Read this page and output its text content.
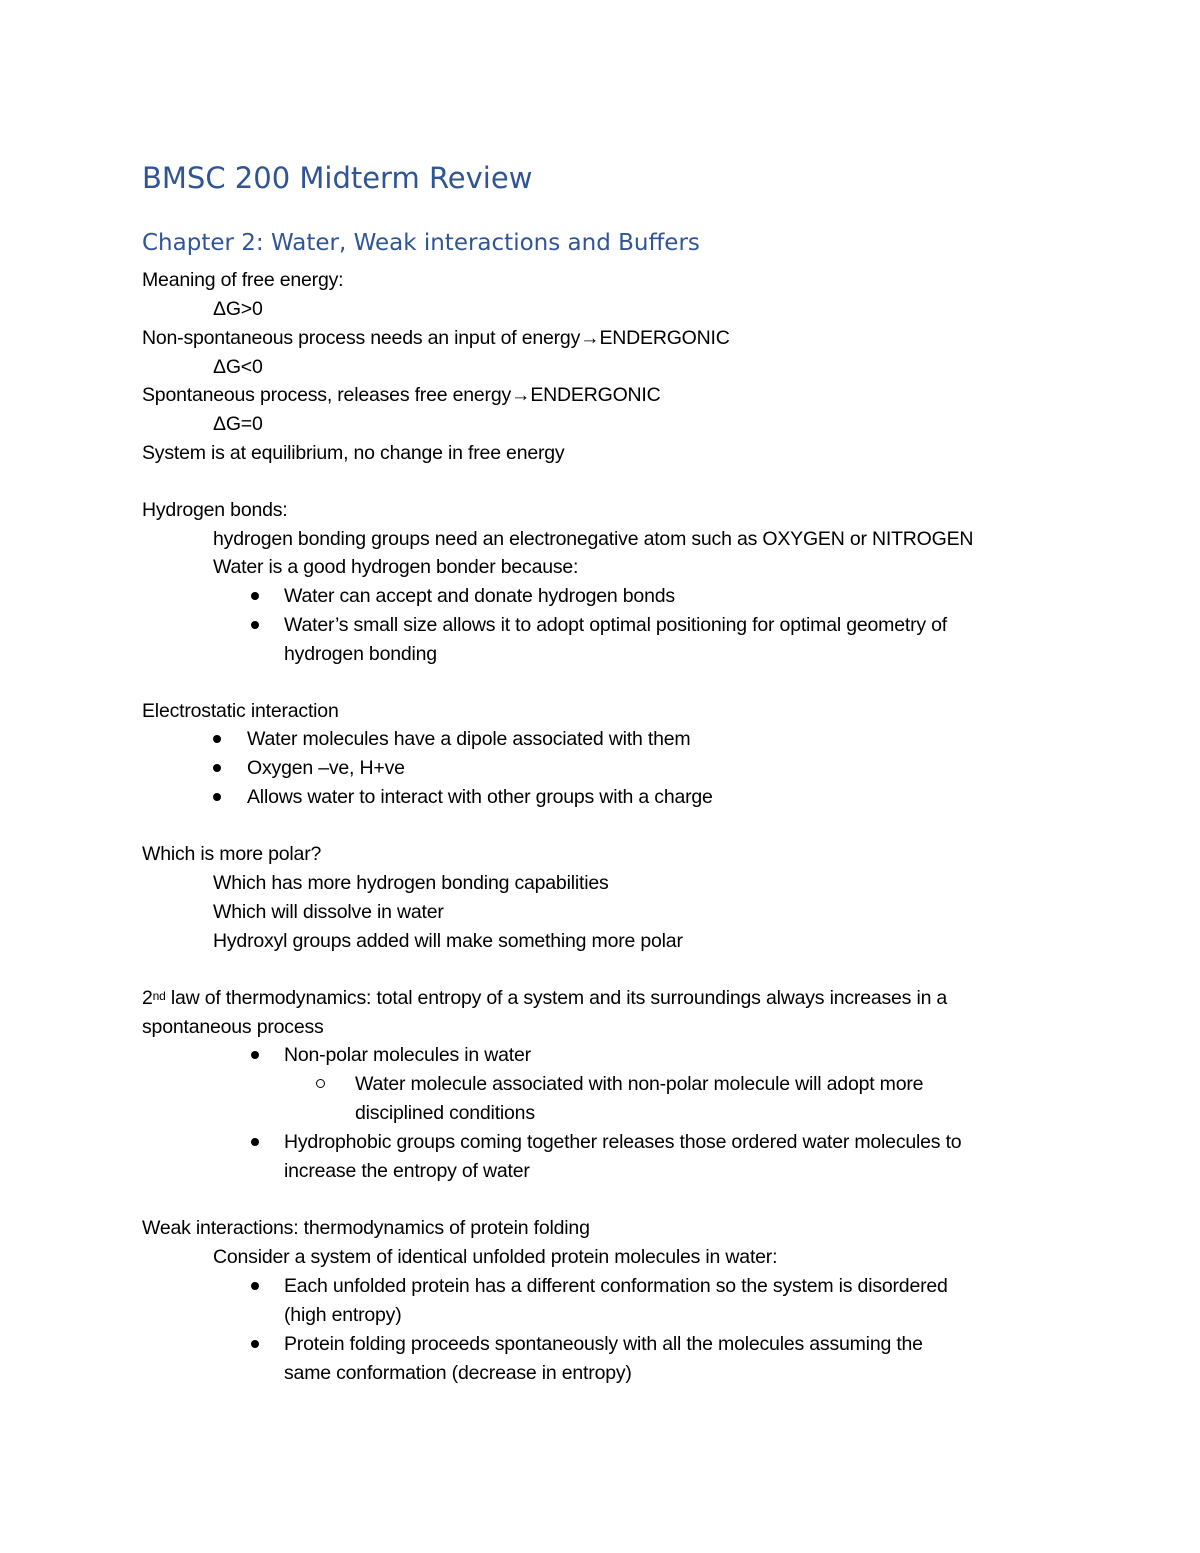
BMSC 200 Midterm Review
Chapter 2: Water, Weak interactions and Buffers
Meaning of free energy:
ΔG>0
Non-spontaneous process needs an input of energy→ENDERGONIC
ΔG<0
Spontaneous process, releases free energy→ENDERGONIC
ΔG=0
System is at equilibrium, no change in free energy
Hydrogen bonds:
hydrogen bonding groups need an electronegative atom such as OXYGEN or NITROGEN
Water is a good hydrogen bonder because:
Water can accept and donate hydrogen bonds
Water’s small size allows it to adopt optimal positioning for optimal geometry of
hydrogen bonding
Electrostatic interaction
Water molecules have a dipole associated with them
Oxygen –ve, H+ve
Allows water to interact with other groups with a charge
Which is more polar?
Which has more hydrogen bonding capabilities
Which will dissolve in water
Hydroxyl groups added will make something more polar
2nd law of thermodynamics: total entropy of a system and its surroundings always increases in a
spontaneous process
Non-polar molecules in water
Water molecule associated with non-polar molecule will adopt more
disciplined conditions
Hydrophobic groups coming together releases those ordered water molecules to
increase the entropy of water
Weak interactions: thermodynamics of protein folding
Consider a system of identical unfolded protein molecules in water:
Each unfolded protein has a different conformation so the system is disordered
(high entropy)
Protein folding proceeds spontaneously with all the molecules assuming the
same conformation (decrease in entropy)
